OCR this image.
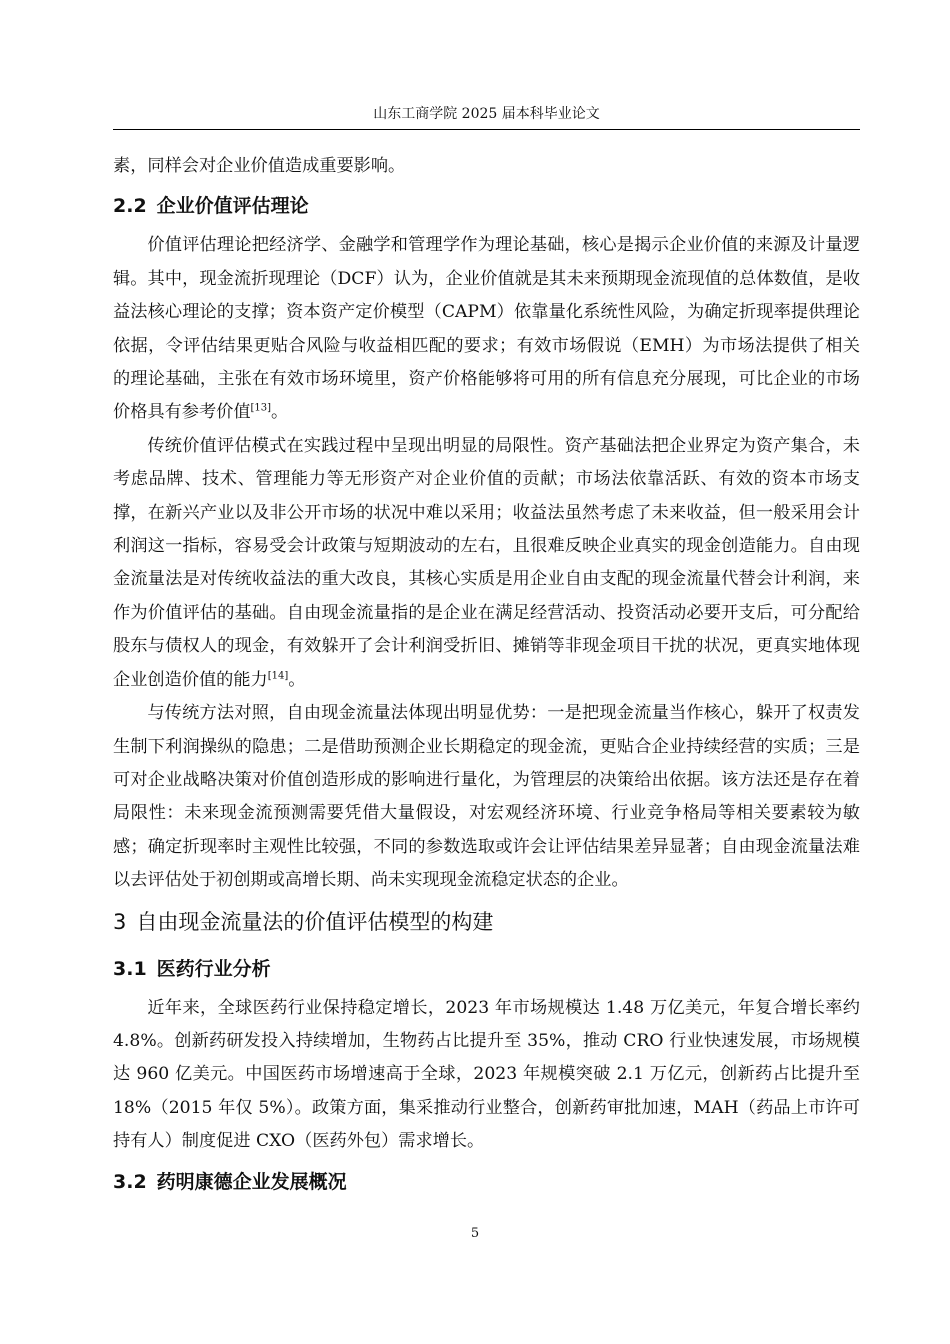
山东工商学院 2025 届本科毕业论文

素，同样会对企业价值造成重要影响。

2.2 企业价值评估理论

价值评估理论把经济学、金融学和管理学作为理论基础，核心是揭示企业价值的来源及计量逻辑。其中，现金流折现理论（DCF）认为，企业价值就是其未来预期现金流现值的总体数值，是收益法核心理论的支撑；资本资产定价模型（CAPM）依靠量化系统性风险，为确定折现率提供理论依据，令评估结果更贴合风险与收益相匹配的要求；有效市场假说（EMH）为市场法提供了相关的理论基础，主张在有效市场环境里，资产价格能够将可用的所有信息充分展现，可比企业的市场价格具有参考价值[13]。

传统价值评估模式在实践过程中呈现出明显的局限性。资产基础法把企业界定为资产集合，未考虑品牌、技术、管理能力等无形资产对企业价值的贡献；市场法依靠活跃、有效的资本市场支撑，在新兴产业以及非公开市场的状况中难以采用；收益法虽然考虑了未来收益，但一般采用会计利润这一指标，容易受会计政策与短期波动的左右，且很难反映企业真实的现金创造能力。自由现金流量法是对传统收益法的重大改良，其核心实质是用企业自由支配的现金流量代替会计利润，来作为价值评估的基础。自由现金流量指的是企业在满足经营活动、投资活动必要开支后，可分配给股东与债权人的现金，有效躲开了会计利润受折旧、摊销等非现金项目干扰的状况，更真实地体现企业创造价值的能力[14]。

与传统方法对照，自由现金流量法体现出明显优势：一是把现金流量当作核心，躲开了权责发生制下利润操纵的隐患；二是借助预测企业长期稳定的现金流，更贴合企业持续经营的实质；三是可对企业战略决策对价值创造形成的影响进行量化，为管理层的决策给出依据。该方法还是存在着局限性：未来现金流预测需要凭借大量假设，对宏观经济环境、行业竞争格局等相关要素较为敏感；确定折现率时主观性比较强，不同的参数选取或许会让评估结果差异显著；自由现金流量法难以去评估处于初创期或高增长期、尚未实现现金流稳定状态的企业。

3 自由现金流量法的价值评估模型的构建
3.1 医药行业分析

近年来，全球医药行业保持稳定增长，2023 年市场规模达 1.48 万亿美元，年复合增长率约 4.8%。创新药研发投入持续增加，生物药占比提升至 35%，推动 CRO 行业快速发展，市场规模达 960 亿美元。中国医药市场增速高于全球，2023 年规模突破 2.1 万亿元，创新药占比提升至 18%（2015 年仅 5%）。政策方面，集采推动行业整合，创新药审批加速，MAH（药品上市许可持有人）制度促进 CXO（医药外包）需求增长。

3.2 药明康德企业发展概况
5
